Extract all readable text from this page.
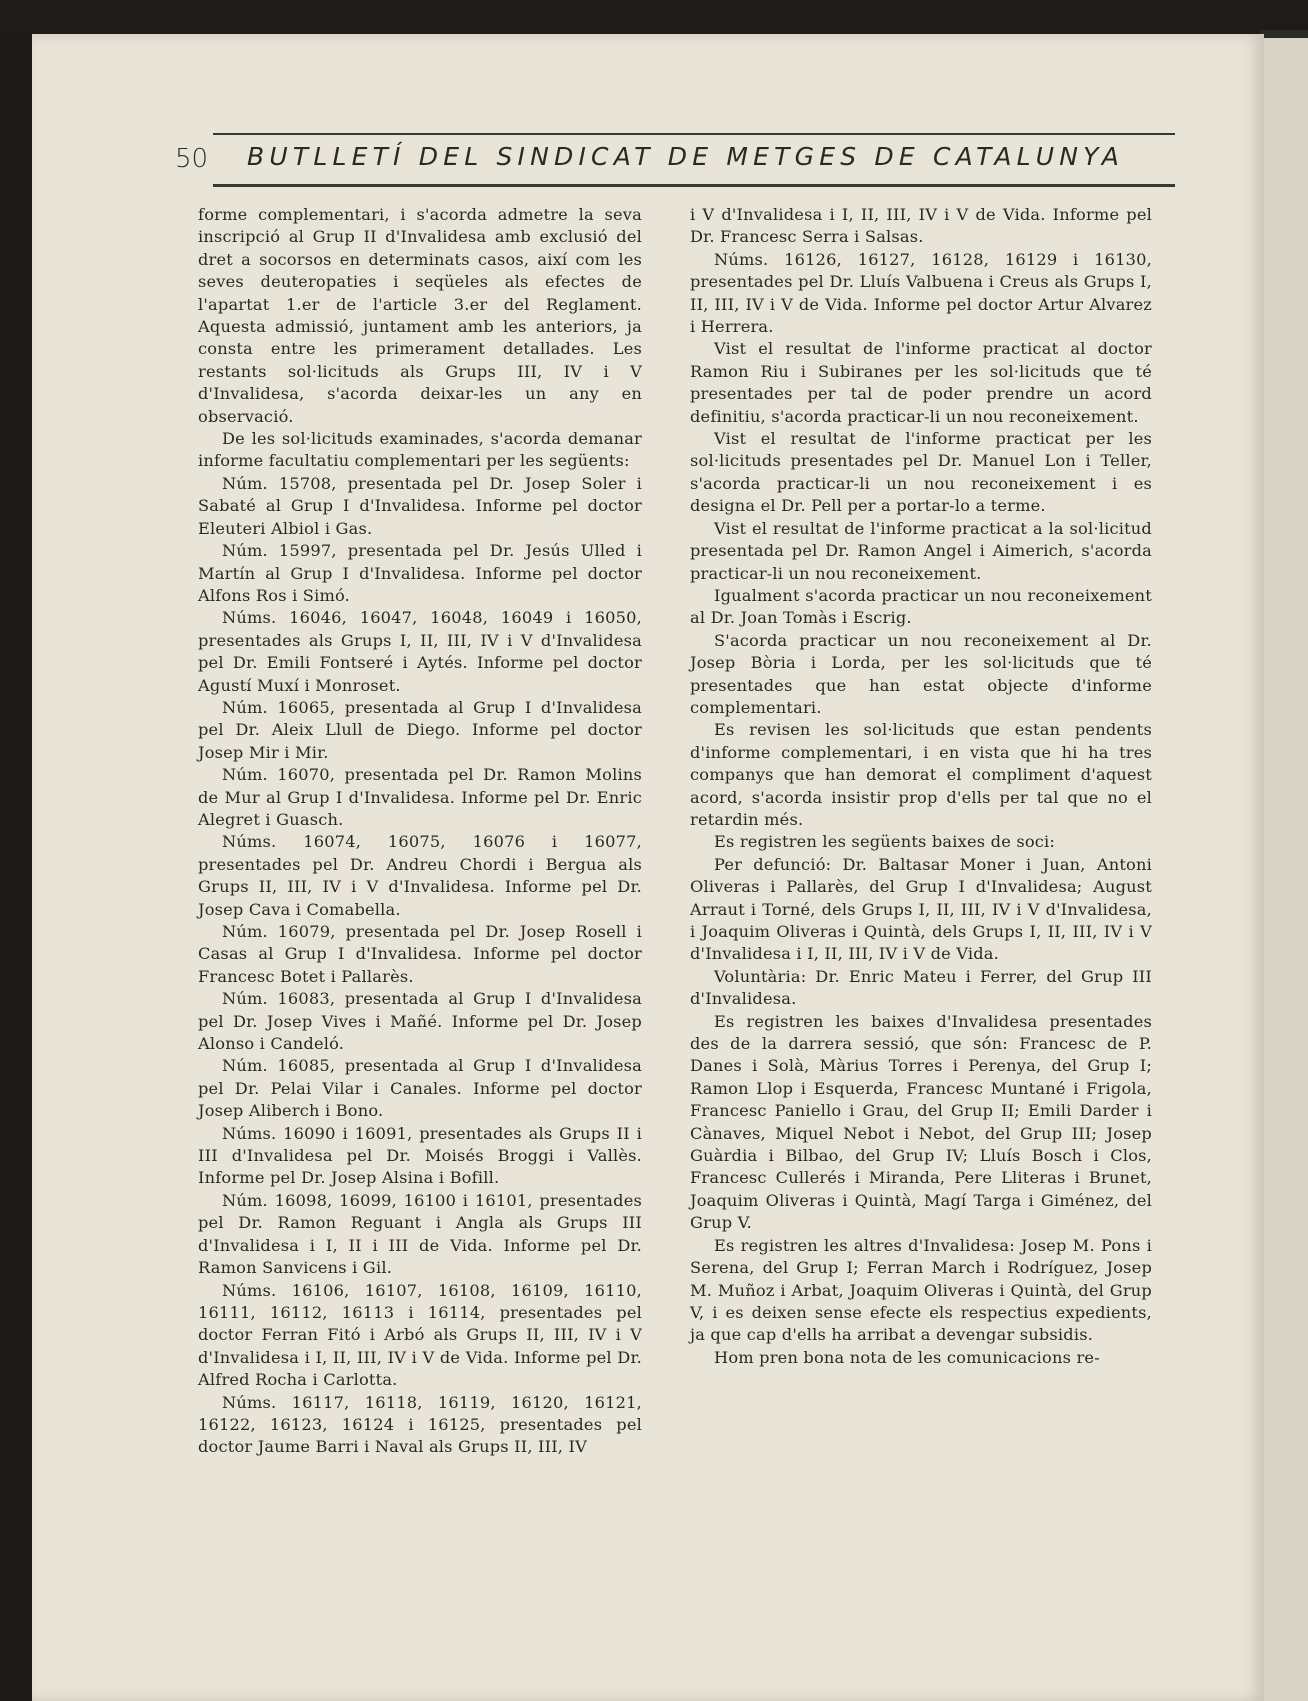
50 BUTLLETÍ DEL SINDICAT DE METGES DE CATALUNYA

forme complementari, i s'acorda admetre la seva inscripció al Grup II d'Invalidesa amb exclusió del dret a socorsos en determinats casos, així com les seves deuteropaties i seqüeles als efectes de l'apartat 1.er de l'article 3.er del Reglament. Aquesta admissió, juntament amb les anteriors, ja consta entre les primerament detallades. Les restants sol·licituds als Grups III, IV i V d'Invalidesa, s'acorda deixar-les un any en observació.

De les sol·licituds examinades, s'acorda demanar informe facultatiu complementari per les següents:

Núm. 15708, presentada pel Dr. Josep Soler i Sabaté al Grup I d'Invalidesa. Informe pel doctor Eleuteri Albiol i Gas.

Núm. 15997, presentada pel Dr. Jesús Ulled i Martín al Grup I d'Invalidesa. Informe pel doctor Alfons Ros i Simó.

Núms. 16046, 16047, 16048, 16049 i 16050, presentades als Grups I, II, III, IV i V d'Invalidesa pel Dr. Emili Fontseré i Aytés. Informe pel doctor Agustí Muxí i Monroset.

Núm. 16065, presentada al Grup I d'Invalidesa pel Dr. Aleix Llull de Diego. Informe pel doctor Josep Mir i Mir.

Núm. 16070, presentada pel Dr. Ramon Molins de Mur al Grup I d'Invalidesa. Informe pel Dr. Enric Alegret i Guasch.

Núms. 16074, 16075, 16076 i 16077, presentades pel Dr. Andreu Chordi i Bergua als Grups II, III, IV i V d'Invalidesa. Informe pel Dr. Josep Cava i Comabella.

Núm. 16079, presentada pel Dr. Josep Rosell i Casas al Grup I d'Invalidesa. Informe pel doctor Francesc Botet i Pallarès.

Núm. 16083, presentada al Grup I d'Invalidesa pel Dr. Josep Vives i Mañé. Informe pel Dr. Josep Alonso i Candeló.

Núm. 16085, presentada al Grup I d'Invalidesa pel Dr. Pelai Vilar i Canales. Informe pel doctor Josep Aliberch i Bono.

Núms. 16090 i 16091, presentades als Grups II i III d'Invalidesa pel Dr. Moisés Broggi i Vallès. Informe pel Dr. Josep Alsina i Bofill.

Núm. 16098, 16099, 16100 i 16101, presentades pel Dr. Ramon Reguant i Angla als Grups III d'Invalidesa i I, II i III de Vida. Informe pel Dr. Ramon Sanvicens i Gil.

Núms. 16106, 16107, 16108, 16109, 16110, 16111, 16112, 16113 i 16114, presentades pel doctor Ferran Fitó i Arbó als Grups II, III, IV i V d'Invalidesa i I, II, III, IV i V de Vida. Informe pel Dr. Alfred Rocha i Carlotta.

Núms. 16117, 16118, 16119, 16120, 16121, 16122, 16123, 16124 i 16125, presentades pel doctor Jaume Barri i Naval als Grups II, III, IV

i V d'Invalidesa i I, II, III, IV i V de Vida. Informe pel Dr. Francesc Serra i Salsas.

Núms. 16126, 16127, 16128, 16129 i 16130, presentades pel Dr. Lluís Valbuena i Creus als Grups I, II, III, IV i V de Vida. Informe pel doctor Artur Alvarez i Herrera.

Vist el resultat de l'informe practicat al doctor Ramon Riu i Subiranes per les sol·licituds que té presentades per tal de poder prendre un acord definitiu, s'acorda practicar-li un nou reconeixement.

Vist el resultat de l'informe practicat per les sol·licituds presentades pel Dr. Manuel Lon i Teller, s'acorda practicar-li un nou reconeixement i es designa el Dr. Pell per a portar-lo a terme.

Vist el resultat de l'informe practicat a la sol·licitud presentada pel Dr. Ramon Angel i Aimerich, s'acorda practicar-li un nou reconeixement.

Igualment s'acorda practicar un nou reconeixement al Dr. Joan Tomàs i Escrig.

S'acorda practicar un nou reconeixement al Dr. Josep Bòria i Lorda, per les sol·licituds que té presentades que han estat objecte d'informe complementari.

Es revisen les sol·licituds que estan pendents d'informe complementari, i en vista que hi ha tres companys que han demorat el compliment d'aquest acord, s'acorda insistir prop d'ells per tal que no el retardin més.

Es registren les següents baixes de soci:

Per defunció: Dr. Baltasar Moner i Juan, Antoni Oliveras i Pallarès, del Grup I d'Invalidesa; August Arraut i Torné, dels Grups I, II, III, IV i V d'Invalidesa, i Joaquim Oliveras i Quintà, dels Grups I, II, III, IV i V d'Invalidesa i I, II, III, IV i V de Vida.

Voluntària: Dr. Enric Mateu i Ferrer, del Grup III d'Invalidesa.

Es registren les baixes d'Invalidesa presentades des de la darrera sessió, que són: Francesc de P. Danes i Solà, Màrius Torres i Perenya, del Grup I; Ramon Llop i Esquerda, Francesc Muntané i Frigola, Francesc Paniello i Grau, del Grup II; Emili Darder i Cànaves, Miquel Nebot i Nebot, del Grup III; Josep Guàrdia i Bilbao, del Grup IV; Lluís Bosch i Clos, Francesc Cullerés i Miranda, Pere Lliteras i Brunet, Joaquim Oliveras i Quintà, Magí Targa i Giménez, del Grup V.

Es registren les altres d'Invalidesa: Josep M. Pons i Serena, del Grup I; Ferran March i Rodríguez, Josep M. Muñoz i Arbat, Joaquim Oliveras i Quintà, del Grup V, i es deixen sense efecte els respectius expedients, ja que cap d'ells ha arribat a devengar subsidis.

Hom pren bona nota de les comunicacions re-
